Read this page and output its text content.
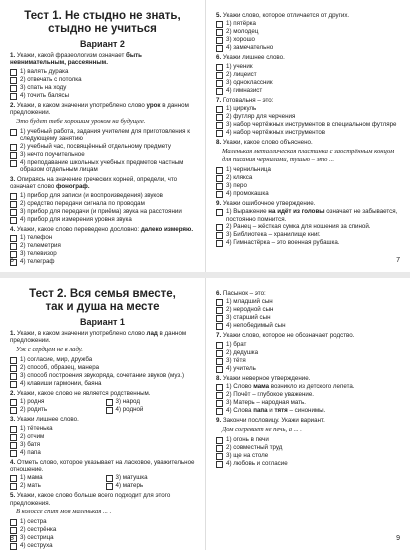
Тест 1. Не стыдно не знать,
стыдно не учиться
Вариант 2
1. Укажи, какой фразеологизм означает быть невнимательным, рассеянным.
1) валять дурака
2) отвечать с потолка
3) спать на ходу
4) точить балясы
2. Укажи, в каком значении употреблено слово урок в данном предложении.
Это будет тебе хорошим уроком на будущее.
1) учебный работа, задания учителем для приготовления к следующему занятию
2) учебный час, посвящённый отдельному предмету
3) нечто поучительное
4) преподавание школьных учебных предметов частным образом отдельным лицам
3. Опираясь на значение греческих корней, определи, что означает слово фонограф.
1) прибор для записи (и воспроизведения) звуков
2) средство передачи сигнала по проводам
3) прибор для передачи (и приёма) звука на расстоянии
4) прибор для измерения уровня звука
4. Укажи, какое слово переведено дословно: далеко измеряю.
1) телефон
2) телеметрия
3) телевизор
4) телеграф
6
5. Укажи слово, которое отличается от других.
1) пятёрка
2) молодец
3) хорошо
4) замечательно
6. Укажи лишнее слово.
1) ученик
2) лицеист
3) одноклассник
4) гимназист
7. Готовальня – это:
1) циркуль
2) футляр для черчения
3) набор чертёжных инструментов в специальном футляре
4) набор чертёжных инструментов
8. Укажи, какое слово объяснено.
Маленькая металлическая пластинка с заострённым концом для писания чернилами, тушью – это ...
1) чернильница
2) клякса
3) перо
4) промокашка
9. Укажи ошибочное утверждение.
1) Выражение на идёт из головы означает не забывается, постоянно помнится.
2) Ранец – жёсткая сумка для ношения за спиной.
3) Библиотека – хранилище книг.
4) Гимнастёрка – это военная рубашка.
7
Тест 2. Вся семья вместе,
так и душа на месте
Вариант 1
1. Укажи, в каком значении употреблено слово лад в данном предложении.
Уж с сердцем не в ладу.
1) согласие, мир, дружба
2) способ, образец, манера
3) способ построения звукоряда, сочетание звуков (муз.)
4) клавиши гармонии, баяна
2. Укажи, какое слово не является родственным.
1) родня	3) народ
2) родить	4) родной
3. Укажи лишнее слово.
1) тётенька
2) отчим
3) батя
4) папа
4. Отметь слово, которое указывает на ласковое, уважительное отношение.
1) мама	3) матушка
2) мать	4) матерь
5. Укажи, какое слово больше всего подходит для этого предложения.
В колоссе спит моя маленькая ... .
1) сестра
2) сестрёнка
3) сестрица
4) сеструха
8
6. Пасынок – это:
1) младший сын
2) неродной сын
3) старший сын
4) непобедимый сын
7. Укажи слово, которое не обозначает родство.
1) брат
2) дедушка
3) тётя
4) учитель
8. Укажи неверное утверждение.
1) Слово мама возникло из детского лепета.
2) Почёт – глубокое уважение.
3) Матерь – народная мать.
4) Слова папа и тятя – синонимы.
9. Закончи пословицу. Укажи вариант.
Дом согревает не печь, а ... .
1) огонь в печи
2) совместный труд
3) ще на столе
4) любовь и согласие
9
